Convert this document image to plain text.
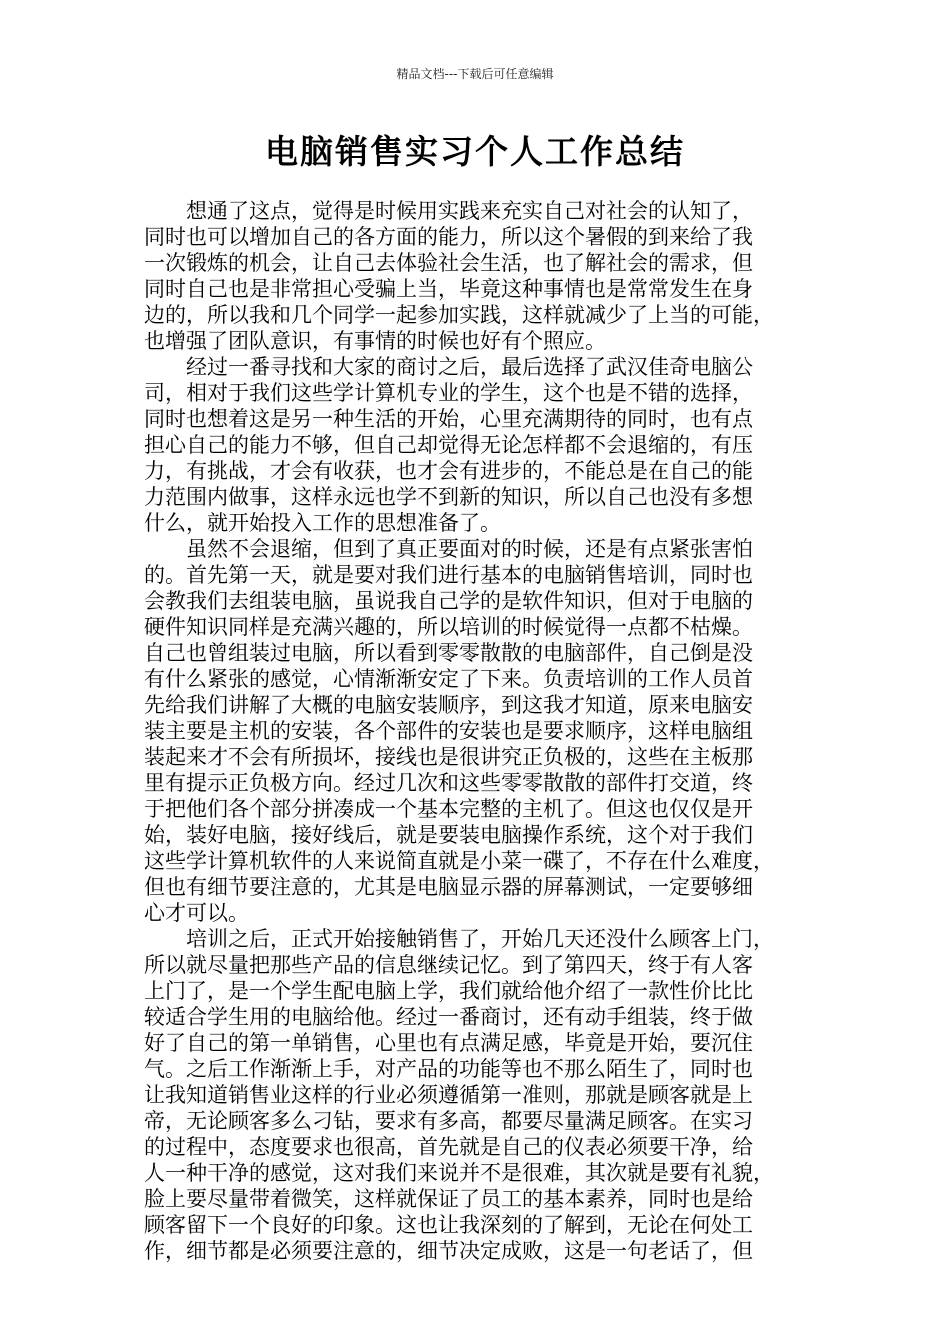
精品文档---下载后可任意编辑
电脑销售实习个人工作总结

想通了这点，觉得是时候用实践来充实自己对社会的认知了，
同时也可以增加自己的各方面的能力，所以这个暑假的到来给了我
一次锻炼的机会，让自己去体验社会生活，也了解社会的需求，但
同时自己也是非常担心受骗上当，毕竟这种事情也是常常发生在身
边的，所以我和几个同学一起参加实践，这样就减少了上当的可能，
也增强了团队意识，有事情的时候也好有个照应。

经过一番寻找和大家的商讨之后，最后选择了武汉佳奇电脑公
司，相对于我们这些学计算机专业的学生，这个也是不错的选择，
同时也想着这是另一种生活的开始，心里充满期待的同时，也有点
担心自己的能力不够，但自己却觉得无论怎样都不会退缩的，有压
力，有挑战，才会有收获，也才会有进步的，不能总是在自己的能
力范围内做事，这样永远也学不到新的知识，所以自己也没有多想
什么，就开始投入工作的思想准备了。

虽然不会退缩，但到了真正要面对的时候，还是有点紧张害怕
的。首先第一天，就是要对我们进行基本的电脑销售培训，同时也
会教我们去组装电脑，虽说我自己学的是软件知识，但对于电脑的
硬件知识同样是充满兴趣的，所以培训的时候觉得一点都不枯燥。
自己也曾组装过电脑，所以看到零零散散的电脑部件，自己倒是没
有什么紧张的感觉，心情渐渐安定了下来。负责培训的工作人员首
先给我们讲解了大概的电脑安装顺序，到这我才知道，原来电脑安
装主要是主机的安装，各个部件的安装也是要求顺序，这样电脑组
装起来才不会有所损坏，接线也是很讲究正负极的，这些在主板那
里有提示正负极方向。经过几次和这些零零散散的部件打交道，终
于把他们各个部分拼凑成一个基本完整的主机了。但这也仅仅是开
始，装好电脑，接好线后，就是要装电脑操作系统，这个对于我们
这些学计算机软件的人来说简直就是小菜一碟了，不存在什么难度，
但也有细节要注意的，尤其是电脑显示器的屏幕测试，一定要够细
心才可以。

培训之后，正式开始接触销售了，开始几天还没什么顾客上门，
所以就尽量把那些产品的信息继续记忆。到了第四天，终于有人客
上门了，是一个学生配电脑上学，我们就给他介绍了一款性价比比
较适合学生用的电脑给他。经过一番商讨，还有动手组装，终于做
好了自己的第一单销售，心里也有点满足感，毕竟是开始，要沉住
气。之后工作渐渐上手，对产品的功能等也不那么陌生了，同时也
让我知道销售业这样的行业必须遵循第一准则，那就是顾客就是上
帝，无论顾客多么刁钻，要求有多高，都要尽量满足顾客。在实习
的过程中，态度要求也很高，首先就是自己的仪表必须要干净，给
人一种干净的感觉，这对我们来说并不是很难，其次就是要有礼貌，
脸上要尽量带着微笑，这样就保证了员工的基本素养，同时也是给
顾客留下一个良好的印象。这也让我深刻的了解到，无论在何处工
作，细节都是必须要注意的，细节决定成败，这是一句老话了，但
